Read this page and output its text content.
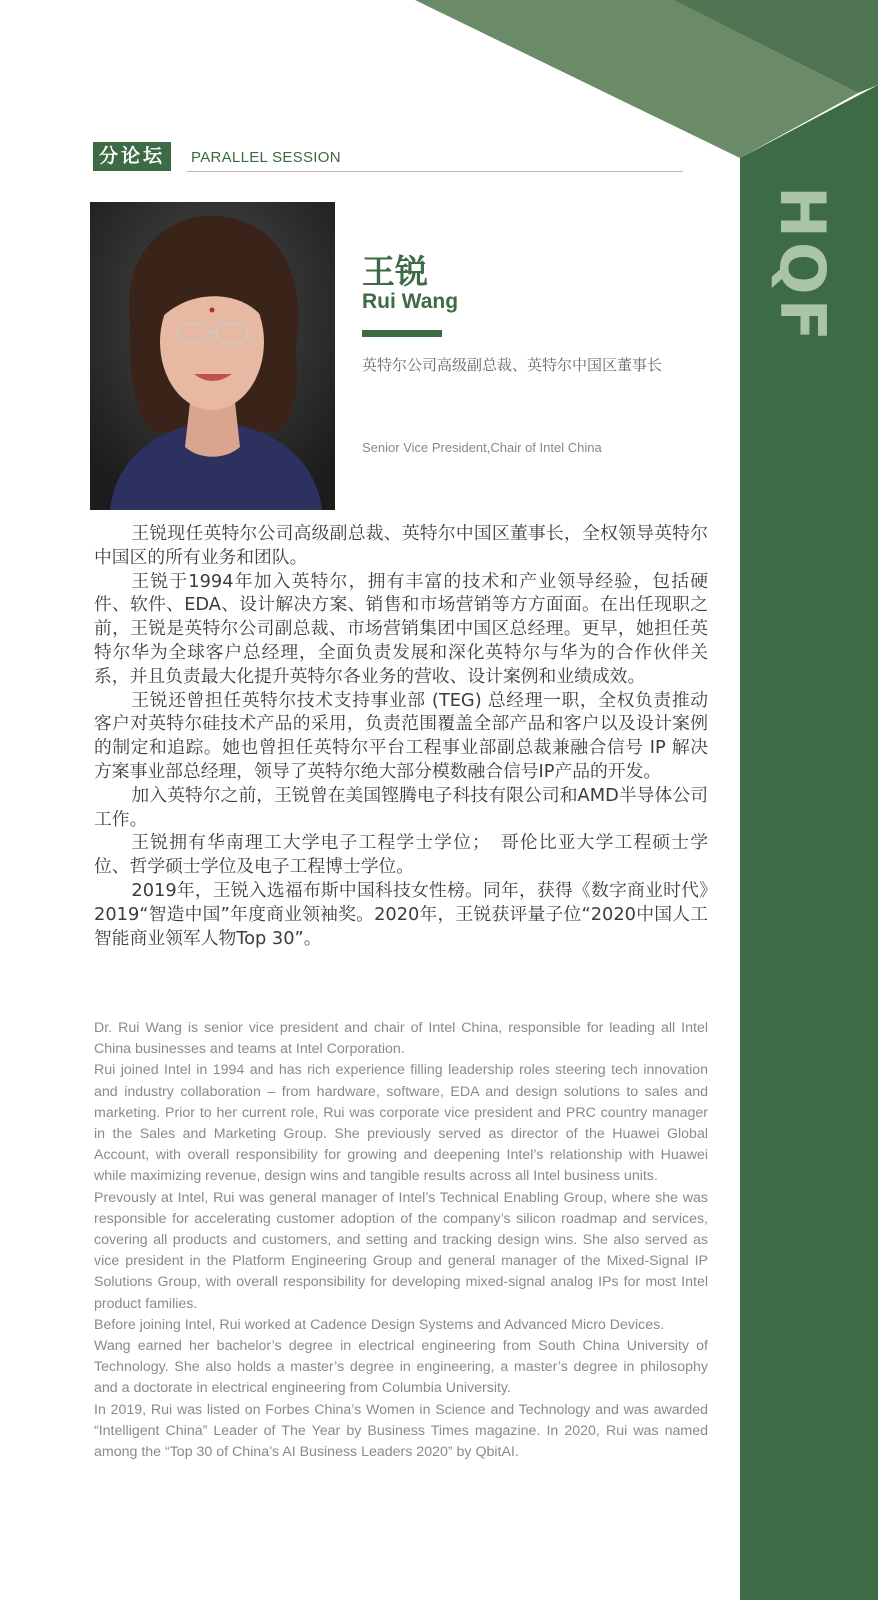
HQF
分论坛	PARALLEL SESSION
王锐
Rui Wang
英特尔公司高级副总裁、英特尔中国区董事长
Senior Vice President,Chair of Intel China

王锐现任英特尔公司高级副总裁、英特尔中国区董事长，全权领导英特尔中国区的所有业务和团队。

王锐于1994年加入英特尔，拥有丰富的技术和产业领导经验，包括硬件、软件、EDA、设计解决方案、销售和市场营销等方方面面。在出任现职之前，王锐是英特尔公司副总裁、市场营销集团中国区总经理。更早，她担任英特尔华为全球客户总经理，全面负责发展和深化英特尔与华为的合作伙伴关系，并且负责最大化提升英特尔各业务的营收、设计案例和业绩成效。

王锐还曾担任英特尔技术支持事业部 (TEG) 总经理一职，全权负责推动客户对英特尔硅技术产品的采用，负责范围覆盖全部产品和客户以及设计案例的制定和追踪。她也曾担任英特尔平台工程事业部副总裁兼融合信号 IP 解决方案事业部总经理，领导了英特尔绝大部分模数融合信号IP产品的开发。

加入英特尔之前，王锐曾在美国铿腾电子科技有限公司和AMD半导体公司工作。

王锐拥有华南理工大学电子工程学士学位；　哥伦比亚大学工程硕士学位、哲学硕士学位及电子工程博士学位。

2019年，王锐入选福布斯中国科技女性榜。同年，获得《数字商业时代》2019“智造中国”年度商业领袖奖。2020年，王锐获评量子位“2020中国人工智能商业领军人物Top 30”。

Dr. Rui Wang is senior vice president and chair of Intel China, responsible for leading all Intel China businesses and teams at Intel Corporation.

Rui joined Intel in 1994 and has rich experience filling leadership roles steering tech innovation and industry collaboration – from hardware, software, EDA and design solutions to sales and marketing. Prior to her current role, Rui was corporate vice president and PRC country manager in the Sales and Marketing Group. She previously served as director of the Huawei Global Account, with overall responsibility for growing and deepening Intel’s relationship with Huawei while maximizing revenue, design wins and tangible results across all Intel business units.

Prevously at Intel, Rui was general manager of Intel’s Technical Enabling Group, where she was responsible for accelerating customer adoption of the company’s silicon roadmap and services, covering all products and customers, and setting and tracking design wins. She also served as vice president in the Platform Engineering Group and general manager of the Mixed-Signal IP Solutions Group, with overall responsibility for developing mixed-signal analog IPs for most Intel product families.

Before joining Intel, Rui worked at Cadence Design Systems and Advanced Micro Devices.

Wang earned her bachelor’s degree in electrical engineering from South China University of Technology. She also holds a master’s degree in engineering, a master’s degree in philosophy and a doctorate in electrical engineering from Columbia University.

In 2019, Rui was listed on Forbes China’s Women in Science and Technology and was awarded “Intelligent China” Leader of The Year by Business Times magazine. In 2020, Rui was named among the “Top 30 of China’s AI Business Leaders 2020” by QbitAI.
